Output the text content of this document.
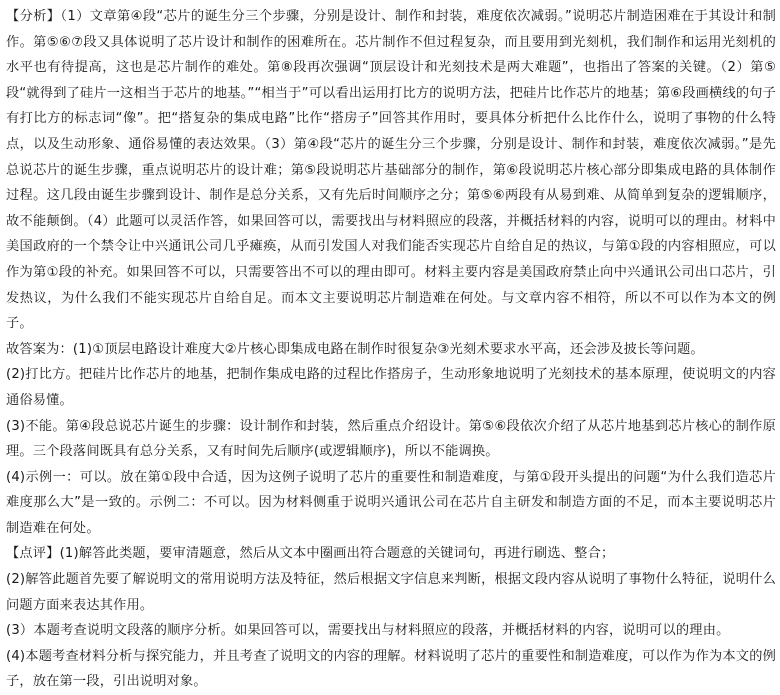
【分析】（1）文章第④段“芯片的诞生分三个步骤，分别是设计、制作和封装，难度依次减弱。”说明芯片制造困难在于其设计和制作。第⑤⑥⑦段又具体说明了芯片设计和制作的困难所在。芯片制作不但过程复杂，而且要用到光刻机，我们制作和运用光刻机的水平也有待提高，这也是芯片制作的难处。第⑧段再次强调“顶层设计和光刻技术是两大难题”，也指出了答案的关键。（2）第⑤段“就得到了硅片一这相当于芯片的地基。”“相当于”可以看出运用打比方的说明方法，把硅片比作芯片的地基；第⑥段画横线的句子有打比方的标志词“像”。把“搭复杂的集成电路”比作“搭房子”回答其作用时，要具体分析把什么比作什么，说明了事物的什么特点，以及生动形象、通俗易懂的表达效果。（3）第④段“芯片的诞生分三个步骤，分别是设计、制作和封装，难度依次减弱。”是先总说芯片的诞生步骤，重点说明芯片的设计难；第⑤段说明芯片基础部分的制作，第⑥段说明芯片核心部分即集成电路的具体制作过程。这几段由诞生步骤到设计、制作是总分关系，又有先后时间顺序之分；第⑤⑥两段有从易到难、从简单到复杂的逻辑顺序，故不能颠倒。（4）此题可以灵活作答，如果回答可以，需要找出与材料照应的段落，并概括材料的内容，说明可以的理由。材料中美国政府的一个禁令让中兴通讯公司几乎瘫痪，从而引发国人对我们能否实现芯片自给自足的热议，与第①段的内容相照应，可以作为第①段的补充。如果回答不可以，只需要答出不可以的理由即可。材料主要内容是美国政府禁止向中兴通讯公司出口芯片，引发热议，为什么我们不能实现芯片自给自足。而本文主要说明芯片制造难在何处。与文章内容不相符，所以不可以作为本文的例子。

故答案为：(1)①顶层电路设计难度大②片核心即集成电路在制作时很复杂③光刻术要求水平高，还会涉及披长等问题。

(2)打比方。把硅片比作芯片的地基，把制作集成电路的过程比作搭房子，生动形象地说明了光刻技术的基本原理，使说明文的内容通俗易懂。

(3)不能。第④段总说芯片诞生的步骤：设计制作和封装，然后重点介绍设计。第⑤⑥段依次介绍了从芯片地基到芯片核心的制作原理。三个段落间既具有总分关系，又有时间先后顺序(或逻辑顺序)，所以不能调换。

(4)示例一：可以。放在第①段中合适，因为这例子说明了芯片的重要性和制造难度，与第①段开头提出的问题“为什么我们造芯片难度那么大”是一致的。示例二：不可以。因为材料侧重于说明兴通讯公司在芯片自主研发和制造方面的不足，而本主要说明芯片制造难在何处。

【点评】(1)解答此类题，要审清题意，然后从文本中圈画出符合题意的关键词句，再进行刷选、整合；

(2)解答此题首先要了解说明文的常用说明方法及特征，然后根据文字信息来判断，根据文段内容从说明了事物什么特征，说明什么问题方面来表达其作用。

(3）本题考查说明文段落的顺序分析。如果回答可以，需要找出与材料照应的段落，并概括材料的内容，说明可以的理由。

(4)本题考查材料分析与探究能力，并且考查了说明文的内容的理解。材料说明了芯片的重要性和制造难度，可以作为作为本文的例子，放在第一段，引出说明对象。
